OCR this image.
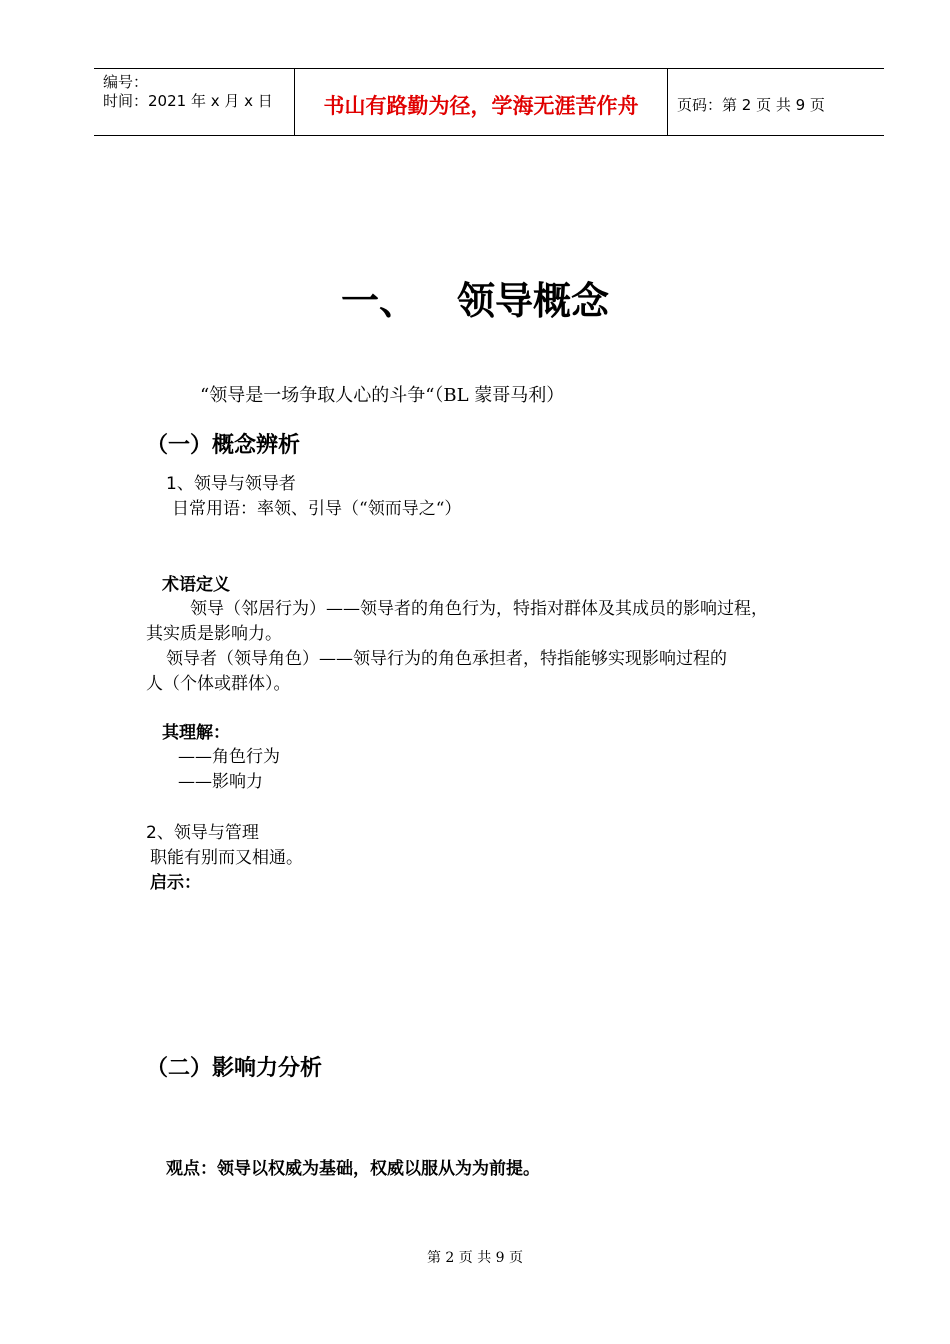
编号：
时间：2021 年 x 月 x 日	书山有路勤为径，学海无涯苦作舟	页码：第 2 页 共 9 页
一、 领导概念
“领导是一场争取人心的斗争“（BL 蒙哥马利）
（一）概念辨析
1、领导与领导者
日常用语：率领、引导（“领而导之“）
术语定义
领导（邻居行为）——领导者的角色行为，特指对群体及其成员的影响过程，
其实质是影响力。
领导者（领导角色）——领导行为的角色承担者，特指能够实现影响过程的
人（个体或群体）。
其理解：
——角色行为
——影响力
2、领导与管理
职能有别而又相通。
启示：
（二）影响力分析
观点：领导以权威为基础，权威以服从为为前提。
第 2 页 共 9 页
